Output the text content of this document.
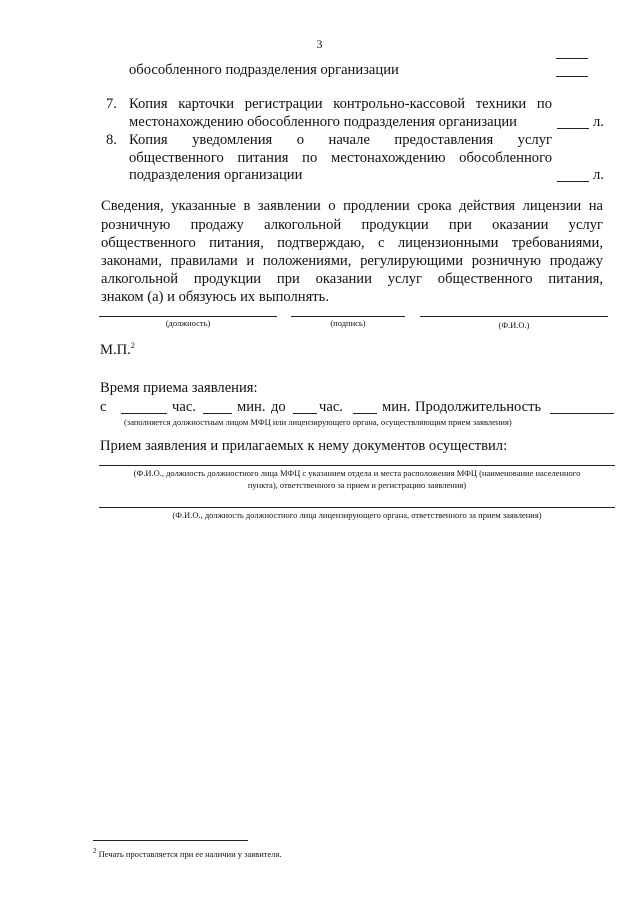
3
обособленного подразделения организации
7. Копия карточки регистрации контрольно-кассовой техники по
местонахождению обособленного подразделения организации	л.
8. Копия уведомления о начале предоставления услуг
общественного питания по местонахождению обособленного
подразделения организации	л.
Сведения, указанные в заявлении о продлении срока действия лицензии на
розничную продажу алкогольной продукции при оказании услуг
общественного питания, подтверждаю, с лицензионными требованиями,
законами, правилами и положениями, регулирующими розничную продажу
алкогольной продукции при оказании услуг общественного питания,
знаком (а) и обязуюсь их выполнять.
(должность)	(подпись)	(Ф.И.О.)
М.П.$^2$
Время приема заявления:
с	час.	мин. до час.	мин. Продолжительность
(заполняется должностным лицом МФЦ или лицензирующего органа, осуществляющим прием заявления)
Прием заявления и прилагаемых к нему документов осуществил:
(Ф.И.О., должность должностного лица МФЦ с указанием отдела и места расположения МФЦ (наименование населенного
пункта), ответственного за прием и регистрацию заявления)
(Ф.И.О., должность должностного лица лицензирующего органа, ответственного за прием заявления)
$^2$ Печать проставляется при ее наличии у заявителя.
